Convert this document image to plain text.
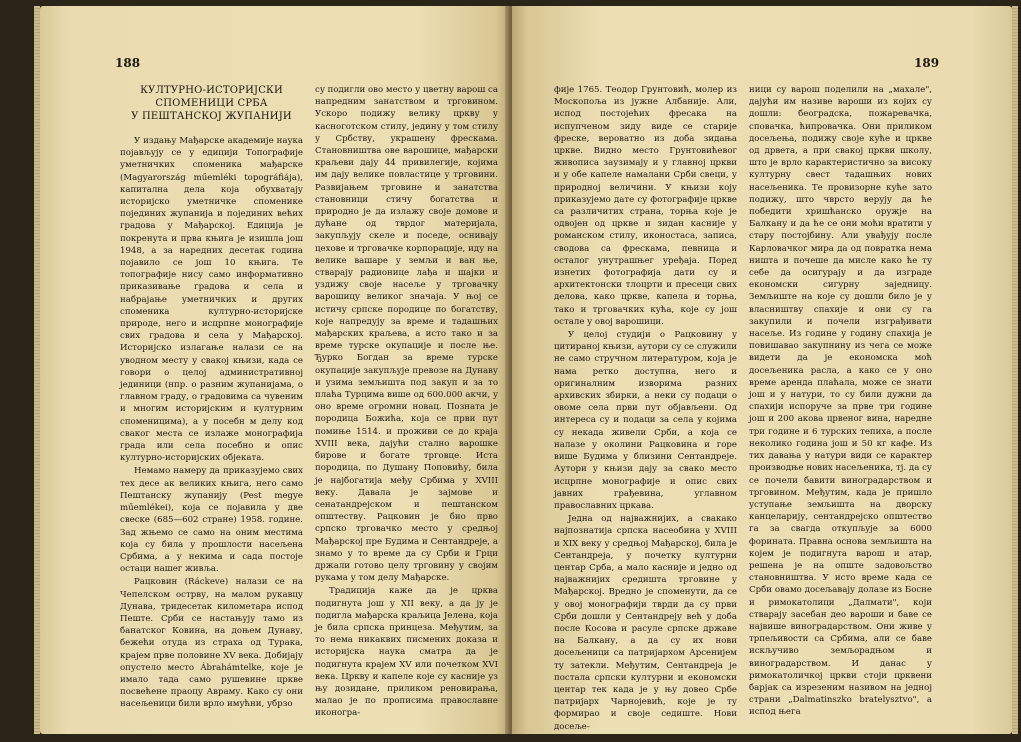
188

КУЛТУРНО-ИСТОРИЈСКИ
СПОМЕНИЦИ СРБА
У ПЕШТАНСКОЈ ЖУПАНИЈИ

У издању Мађарске академије наука појављују се у едицији Топографије уметничких споменика мађарске (Magyarország műemléki topográfiája), капитална дела која обухватају историјско уметничке споменике појединих жупанија и појединих већих градова у Мађарској. Едиција је покренута и прва књига је изишла још 1948, а за наредних десетак година појавило се још 10 књига. Те топографије нису само информативно приказивање градова и села и набрајање уметничких и других споменика културно-историјске природе, него и исцрпне монографије свих градова и села у Мађарској. Историјско излагање налази се на уводном месту у свакој књизи, када се говори о целој административној јединици (нпр. о разним жупанијама, о главном граду, о градовима са чувеним и многим историјским и културним споменицима), а у посебн м делу код сваког места се излаже монографија града или села посебно и опис културно-историјских објеката.

Немамо намеру да приказујемо свих тех десе ак великих књига, него само Пештанску жупанију (Pest megye műemlékei), која се појавила у две свеске (685—602 стране) 1958. године. Зад жњемо се само на оним местима која су била у прошлости насељена Србима, а у некима и сада постоје остаци нашег живља.

Рацковин (Ráckeve) налази се на Чепелском острву, на малом рукавцу Дунава, тридесетак километара испод Пеште. Срби се настањују тамо из банатског Ковина, на доњем Дунаву, бежећи отуда из страха од Турака, крајем прве половине XV века. Добијају опустело место Ábrahámtelke, које је имало тада само рушевине цркве посвећене праоцу Авраму. Како су они насељеници били врло имућни, убрзо

су подигли ово место у цветну варош са напредним занатством и трговином. Ускоро подижу велику цркву у каснoготском стилу, једину у том стилу у Србству, украшену фрескама. Становништва ове варошице, мађарски краљеви дају 44 привилегије, којима им дају велике повластице у трговини. Развијањем трговине и занатства становници стичу богатства и природно је да излажу своје домове и дућане од тврдог материјала, закупљују скеле и поседе, оснивају цехове и трговачке корпорације, иду на велике вашаре у земљи и ван ње, стварају радионице лађа и шајки и уздижу своје насеље у трговачку варошицу великог значаја. У њој се истичу српске породице по богатству, које напредују за време и тадашњих мађарских краљева, а исто тако и за време турске окупације и после ње. Ђурко Богдан за време турске окупације закупљује превозе на Дунаву и узима земљишта под закуп и за то плаћа Турцима више од 600.000 акчи, у оно време огромни новац. Позната је породица Божића, која се први пут помиње 1514. и проживи се до краја XVIII века, дајући стално варошке бирове и богате трговце. Иста породица, по Душану Поповићу, била је најбогатија међу Србима у XVIII веку. Давала је зајмове и сенатандрејском и пештанском општеству. Рацковин је био прво српско трговачко место у средњој Мађарској пре Будима и Сентандреје, а знамо у то време да су Срби и Грци држали готово целу трговину у својим рукама у том делу Мађарске.

Традиција каже да је црква подигнута још у XII веку, а да ју је подигла мађарска краљица Јелена, која је била српска принцеза. Међутим, за то нема никаквих писмених доказа и историјска наука сматра да је подигнута крајем XV или почетком XVI века. Цркву и капеле које су касније уз њу дозидане, приликом реновирања, малао је по прописима православне иконогра-

189

фије 1765. Теодор Грунтовић, молер из Москопоља из јужне Албаније. Али, испод постојећих фресака на испупченом зиду виде се старије фреске, вероватно из доба зидања цркве. Видно место Грунтовићевог живописа заузимају и у главној цркви и у обе капеле намалани Срби свеци, у природној величини. У књизи коју приказујемо дате су фотографије цркве са различитих страна, торња које је одвојен од цркве и зидан касније у романском стилу, иконостаса, записа, сводова са фрескама, певница и осталог унутрашњег уређаја. Поред изнетих фотографија дати су и архитектонски тлоцрти и пресеци свих делова, како цркве, капела и торња, тако и трговачких кућа, које су још остале у овој варошици.

У целој студији о Рацковину у цитираној књизи, аутори су се служили не само стручном литературом, која је нама ретко доступна, него и оригиналним изворима разних архивских збирки, а неки су подаци о овоме села први пут објављени. Од интереса су и подаци за села у којима су некада живели Срби, а која се налазе у околини Рацковина и горе више Будима у близини Сентандреје. Аутори у књизи дају за свако место исцрпне монографије и опис свих јавних грађевина, углавном православних цркава.

Једна од најважнијих, а свакако најпознатија српска насеобина у XVIII и XIX веку у средњој Мађарској, била је Сентандреја, у почетку културни центар Срба, а мало касније и једно од најважнијих средишта трговине у Мађарској. Вредно је споменути, да се у овој монографији тврди да су први Срби дошли у Сентандреју већ у доба после Косова и расуле српске државе на Балкану, а да су их нови досељеници са патријархом Арсенијем ту затекли. Међутим, Сентандреја је постала српски културни и економски центар тек када је у њу довео Србе патријарх Чарнојевић, које је ту формирао и своје седиште. Нови досеље-

ници су варош поделили на „махале", дајући им називе вароши из којих су дошли: београдска, пожаревачка, сповачка, ћипровачка. Они приликом доcељења, подижу своје куће и цркве од дрвета, а при свакој цркви школу, што је врло карактеристично за високу културну свест тадашњих нових насељеника. Те провизорне куће зато подижу, што чврсто верују да ће победити хришћанско оружје на Балкану и да ће се они моћи вратити у стару постојбину. Али увађују после Карловачког мира да од повратка нема ништа и почеше да мисле како ће ту себе да осигурају и да изграде економски сигурну заједницу. Земљиште на које су дошли било је у власништву спахије и они су га закупили и почели изграђивати насеље. Из године у годину спахија је повишавао закупнину из чега се може видети да је економска моћ досељеника расла, а како се у оно време аренда плаћала, може се знати још и у натури, то су били дужни да спахији испоруче за прве три године још и 200 акова црвеног вина, наредне три године и 6 турских тепиха, а после неколико година још и 50 кг кафе. Из тих давања у натури види се карактер производње нових насељеника, тј. да су се почели бавити виноградарством и трговином. Међутим, када је пришло уступање земљишта на дворску канцеларију, сентандрејско општество га за свагда откупљује за 6000 форината. Правна основа земљишта на којем је подигнута варош и атар, решена је на опште задовољство становништва. У исто време када се Срби овамо досељавају долазе из Босне и римокатолици „Далмати", који стварају засебан део вароши и баве се највише виноградарством. Они живе у трпељивости са Србима, али се баве искључиво земљорадњом и виноградарством. И данас у римокатоличкој цркви стоји црквени барјак са изрезеним називом на једној страни „Dalmatinszko bratelysztvo", а испод њега
